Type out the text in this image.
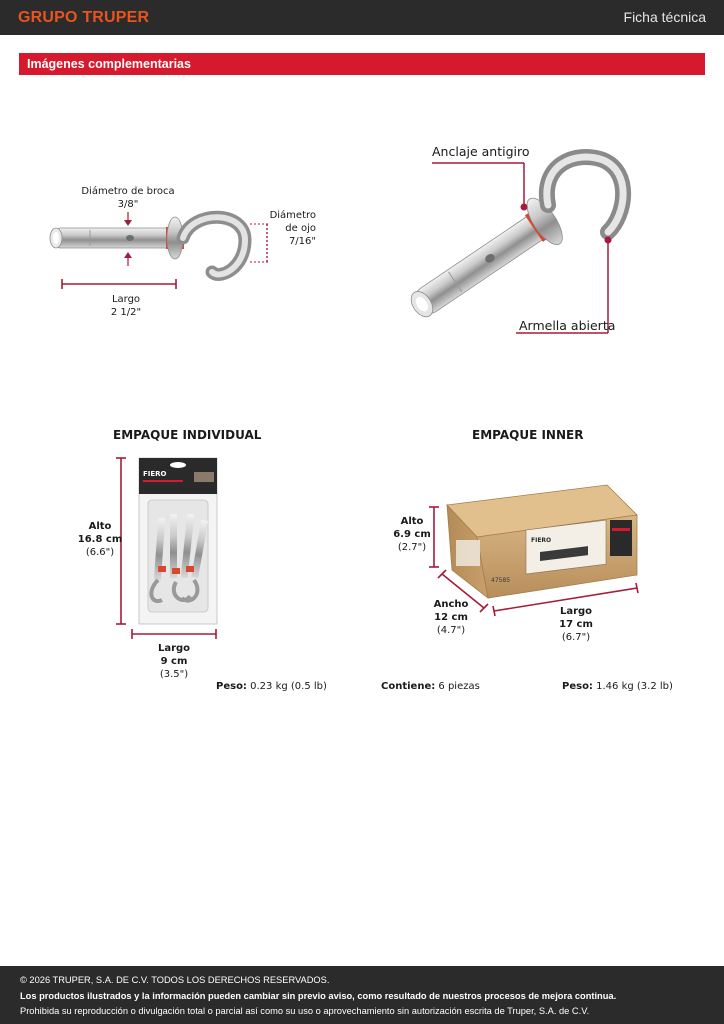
GRUPO TRUPER	Ficha técnica
Imágenes complementarias
FIERO
FIERO
47585
Diámetro de broca
3/8"
Diámetro
de ojo
7/16"
Largo
2 1/2"
Anclaje antigiro
Armella abierta
EMPAQUE INDIVIDUAL
Alto
16.8 cm
(6.6")
Largo
9 cm
(3.5")
Peso: 0.23 kg (0.5 lb)
EMPAQUE INNER
Alto
6.9 cm
(2.7")
Ancho
12 cm
(4.7")
Largo
17 cm
(6.7")
Contiene: 6 piezas	Peso: 1.46 kg (3.2 lb)
© 2026 TRUPER, S.A. DE C.V. TODOS LOS DERECHOS RESERVADOS.
Los productos ilustrados y la información pueden cambiar sin previo aviso, como resultado de nuestros procesos de mejora continua.
Prohibida su reproducción o divulgación total o parcial así como su uso o aprovechamiento sin autorización escrita de Truper, S.A. de C.V.
